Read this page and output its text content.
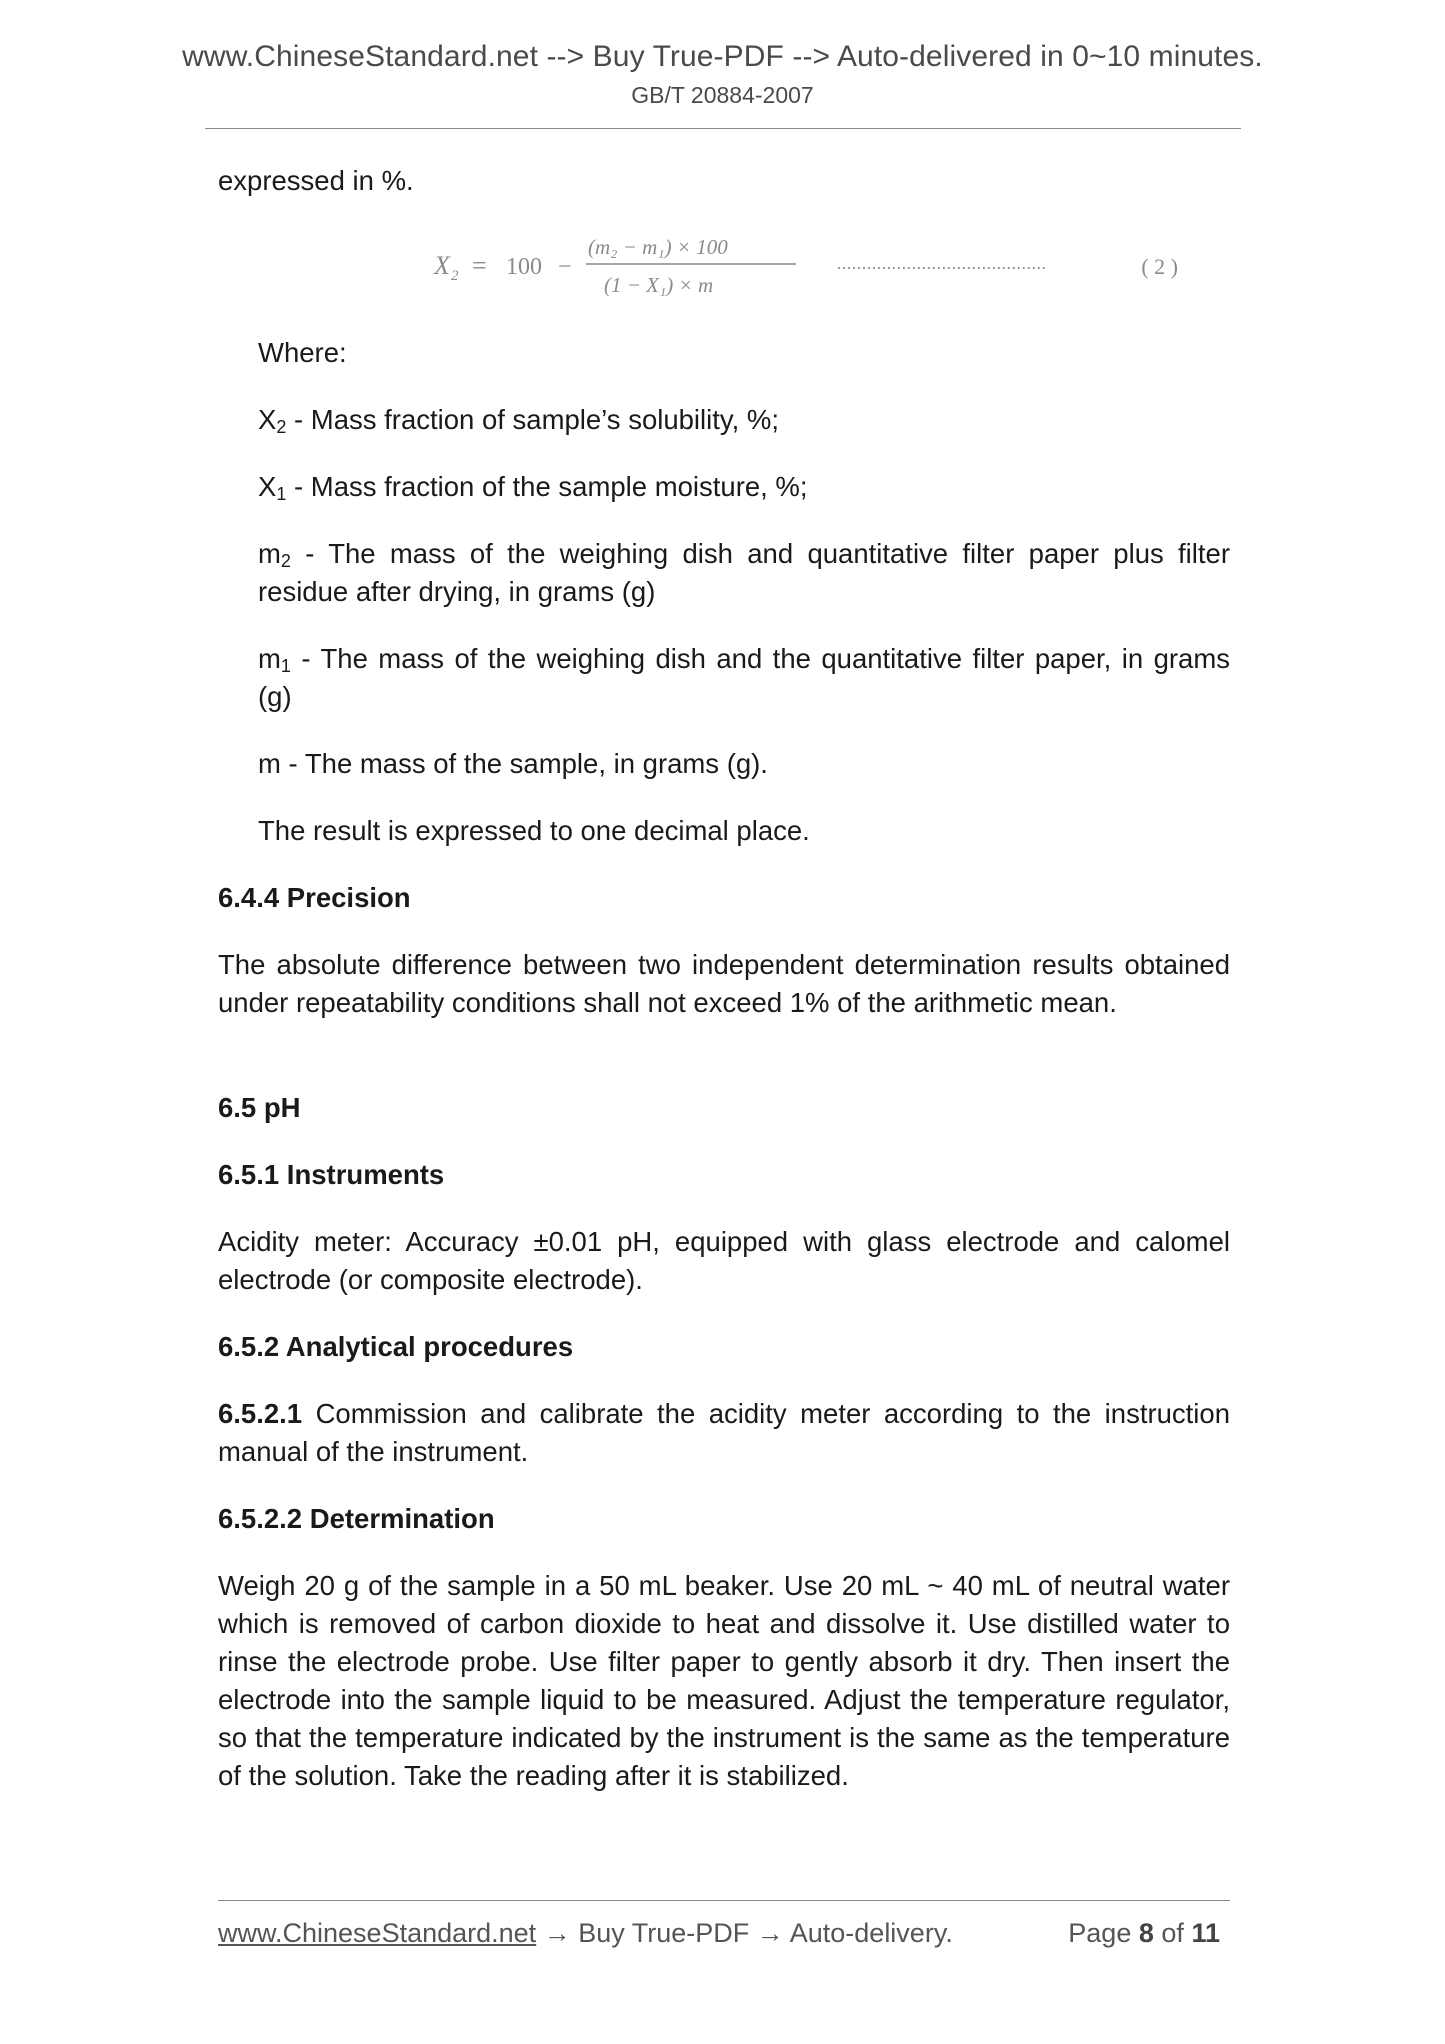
www.ChineseStandard.net --> Buy True-PDF --> Auto-delivered in 0~10 minutes.
GB/T 20884-2007

expressed in %.

Where:

$X_2$ - Mass fraction of sample’s solubility, %;

$X_1$ - Mass fraction of the sample moisture, %;

$m_2$ - The mass of the weighing dish and quantitative filter paper plus filter residue after drying, in grams (g)

$m_1$ - The mass of the weighing dish and the quantitative filter paper, in grams (g)

m - The mass of the sample, in grams (g).

The result is expressed to one decimal place.

6.4.4 Precision

The absolute difference between two independent determination results obtained under repeatability conditions shall not exceed 1% of the arithmetic mean.

6.5 pH

6.5.1 Instruments

Acidity meter: Accuracy ±0.01 pH, equipped with glass electrode and calomel electrode (or composite electrode).

6.5.2 Analytical procedures

6.5.2.1 Commission and calibrate the acidity meter according to the instruction manual of the instrument.

6.5.2.2 Determination

Weigh 20 g of the sample in a 50 mL beaker. Use 20 mL ~ 40 mL of neutral water which is removed of carbon dioxide to heat and dissolve it. Use distilled water to rinse the electrode probe. Use filter paper to gently absorb it dry. Then insert the electrode into the sample liquid to be measured. Adjust the temperature regulator, so that the temperature indicated by the instrument is the same as the temperature of the solution. Take the reading after it is stabilized.

X 2 = 100 −
(m₂ − m₁) × 100
(1 − X₁) × m
··········································	( 2 )
www.ChineseStandard.net → Buy True-PDF → Auto-delivery.	Page 8 of 11
